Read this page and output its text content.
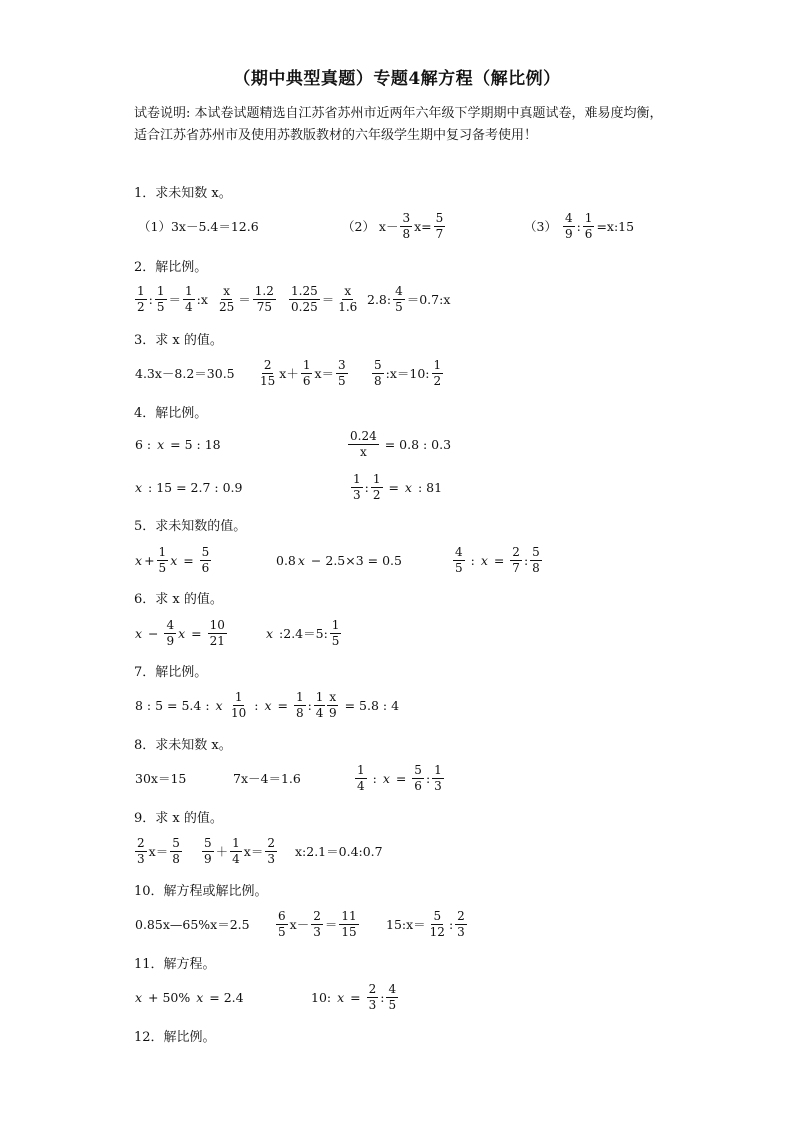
（期中典型真题）专题4解方程（解比例）
试卷说明: 本试卷试题精选自江苏省苏州市近两年六年级下学期期中真题试卷，难易度均衡，适合江苏省苏州市及使用苏教版教材的六年级学生期中复习备考使用！
1．求未知数 x。
（1）3x－5.4＝12.6	（2） $x- \frac{3}{8} x= \frac{5}{7}$	$(3) \frac{4}{9}$ : $\frac{1}{6}$ =x:15
2．解比例。
$\frac{1}{2}$ : $\frac{1}{5} = \frac{1}{4}$ :x $\frac{x}{25} = \frac{1.2}{75} \frac{1.25}{0.25} = \frac{x}{1.6} 2.8$: $\frac{4}{5}$ ＝0.7:x
3．求 x 的值。
$4.3x-8.2=30.5 \frac{2}{15} x+ \frac{1}{6} x= \frac{3}{5} \frac{5}{8}$ :x＝10: $\frac{1}{2}$
4．解比例。
6 : x = 5 : 18	$\frac{0.24}{x} = 0.8$ : 0.3
x : 15 = 2.7 : 0.9	$\frac{1}{3}$ : $\frac{1}{2} = x$ : 81
5．求未知数的值。
$x + \frac{1}{5}$ $x = \frac{5}{6}$	0.8 x − 2.5×3 = 0.5	$\frac{4}{5}$ : $x = \frac{2}{7}$ : $\frac{5}{8}$
6．求 x 的值。
$x - \frac{4}{9}$ $x = \frac{10}{21}$	x :2.4＝5: $\frac{1}{5}$
7．解比例。
8 : 5 = 5.4 : x $\frac{1}{10}$ : $x = \frac{1}{8}$ : $\frac{1}{4} \frac{x}{9} = 5.8$ : 4
8．求未知数 x。
30x＝15	7x－4＝1.6	$\frac{1}{4}$ : $x = \frac{5}{6}$ : $\frac{1}{3}$
9．求 x 的值。
$\frac{2}{3} x= \frac{5}{8} \frac{5}{9} + \frac{1}{4} x= \frac{2}{3}$ x:2.1＝0.4:0.7
10．解方程或解比例。
0.85x—65%x＝2.5 $\frac{6}{5} x- \frac{2}{3} = \frac{11}{15}$ 15:x＝ $\frac{5}{12}$ : $\frac{2}{3}$
11．解方程。
x + 50% x = 2.4	10: $x = \frac{2}{3}$ : $\frac{4}{5}$
12．解比例。
